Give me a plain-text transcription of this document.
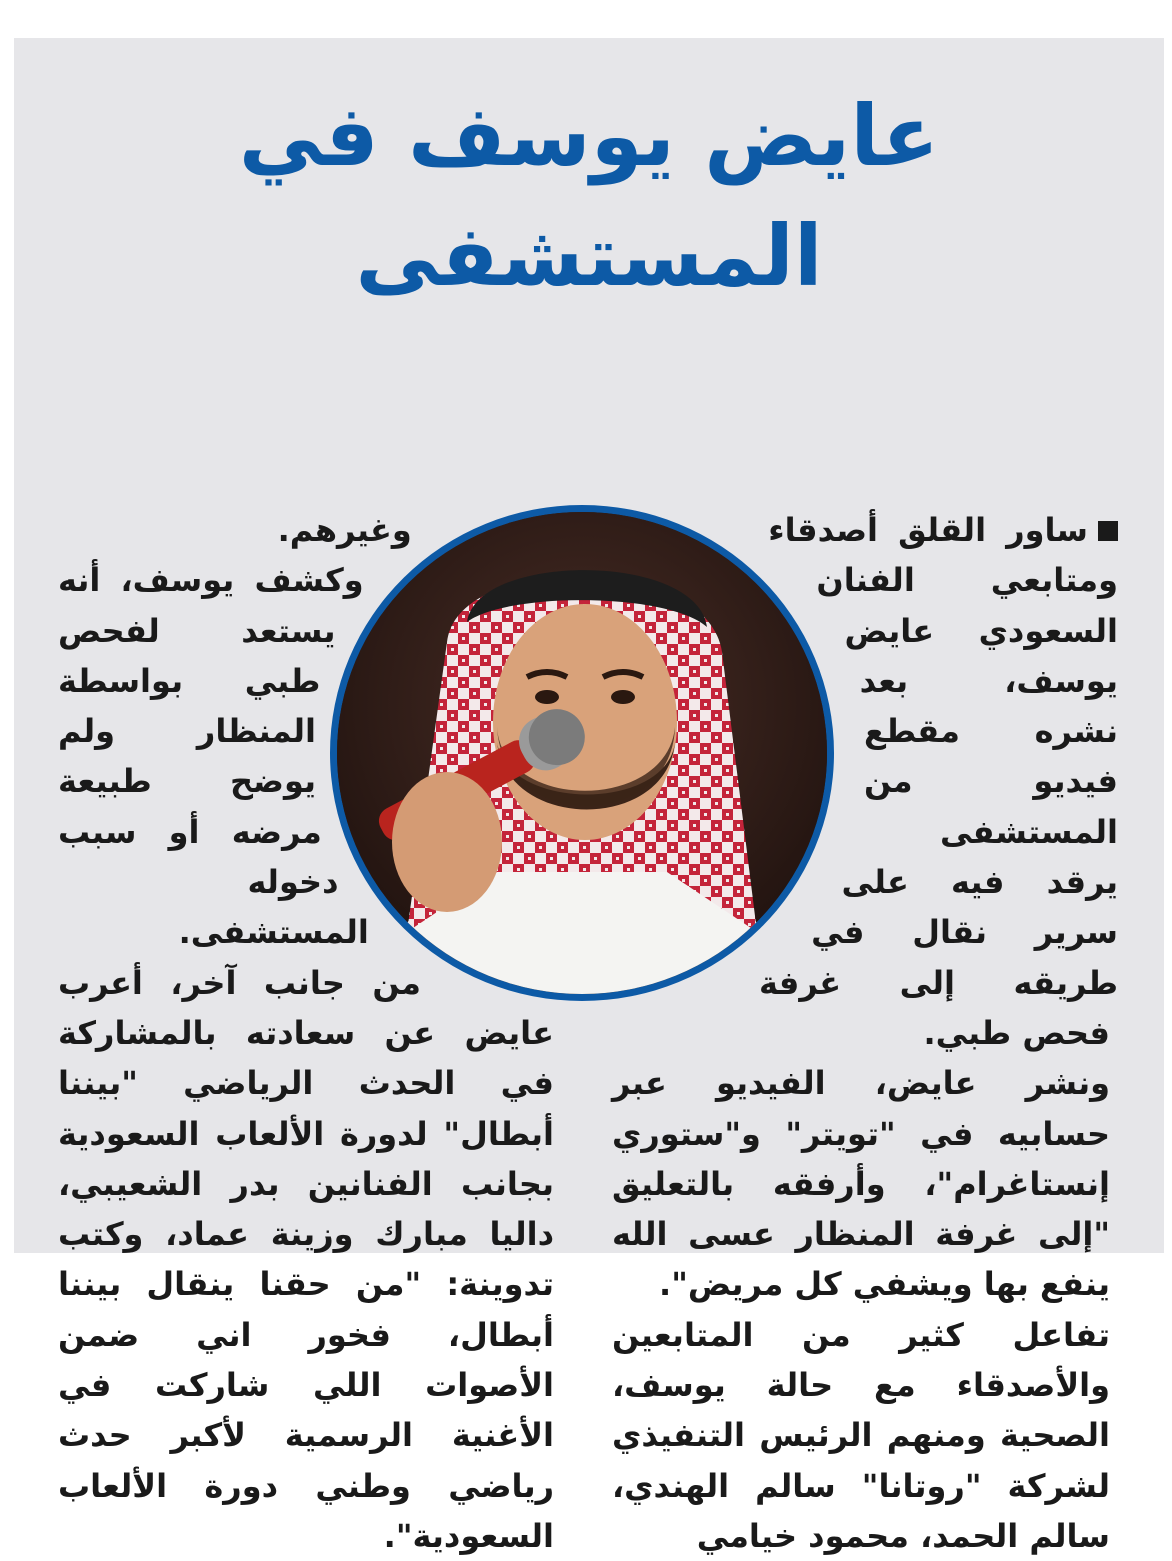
عايض يوسف في المستشفى

ساور القلق أصدقاء ومتابعي الفنان السعودي عايض يوسف، بعد نشره مقطع فيديو من المستشفى يرقد فيه على سرير نقال في طريقه إلى غرفة فحص طبي.

ونشر عايض، الفيديو عبر حسابيه في "تويتر" و"ستوري إنستاغرام"، وأرفقه بالتعليق "إلى غرفة المنظار عسى الله ينفع بها ويشفي كل مريض".

تفاعل كثير من المتابعين والأصدقاء مع حالة يوسف، الصحية ومنهم الرئيس التنفيذي لشركة "روتانا" سالم الهندي، سالم الحمد، محمود خيامي

وغيرهم.

وكشف يوسف، أنه يستعد لفحص طبي بواسطة المنظار ولم يوضح طبيعة مرضه أو سبب دخوله المستشفى.

من جانب آخر، أعرب عايض عن سعادته بالمشاركة في الحدث الرياضي "بيننا أبطال" لدورة الألعاب السعودية بجانب الفنانين بدر الشعيبي، داليا مبارك وزينة عماد، وكتب تدوينة: "من حقنا ينقال بيننا أبطال، فخور اني ضمن الأصوات اللي شاركت في الأغنية الرسمية لأكبر حدث رياضي وطني دورة الألعاب السعودية".
